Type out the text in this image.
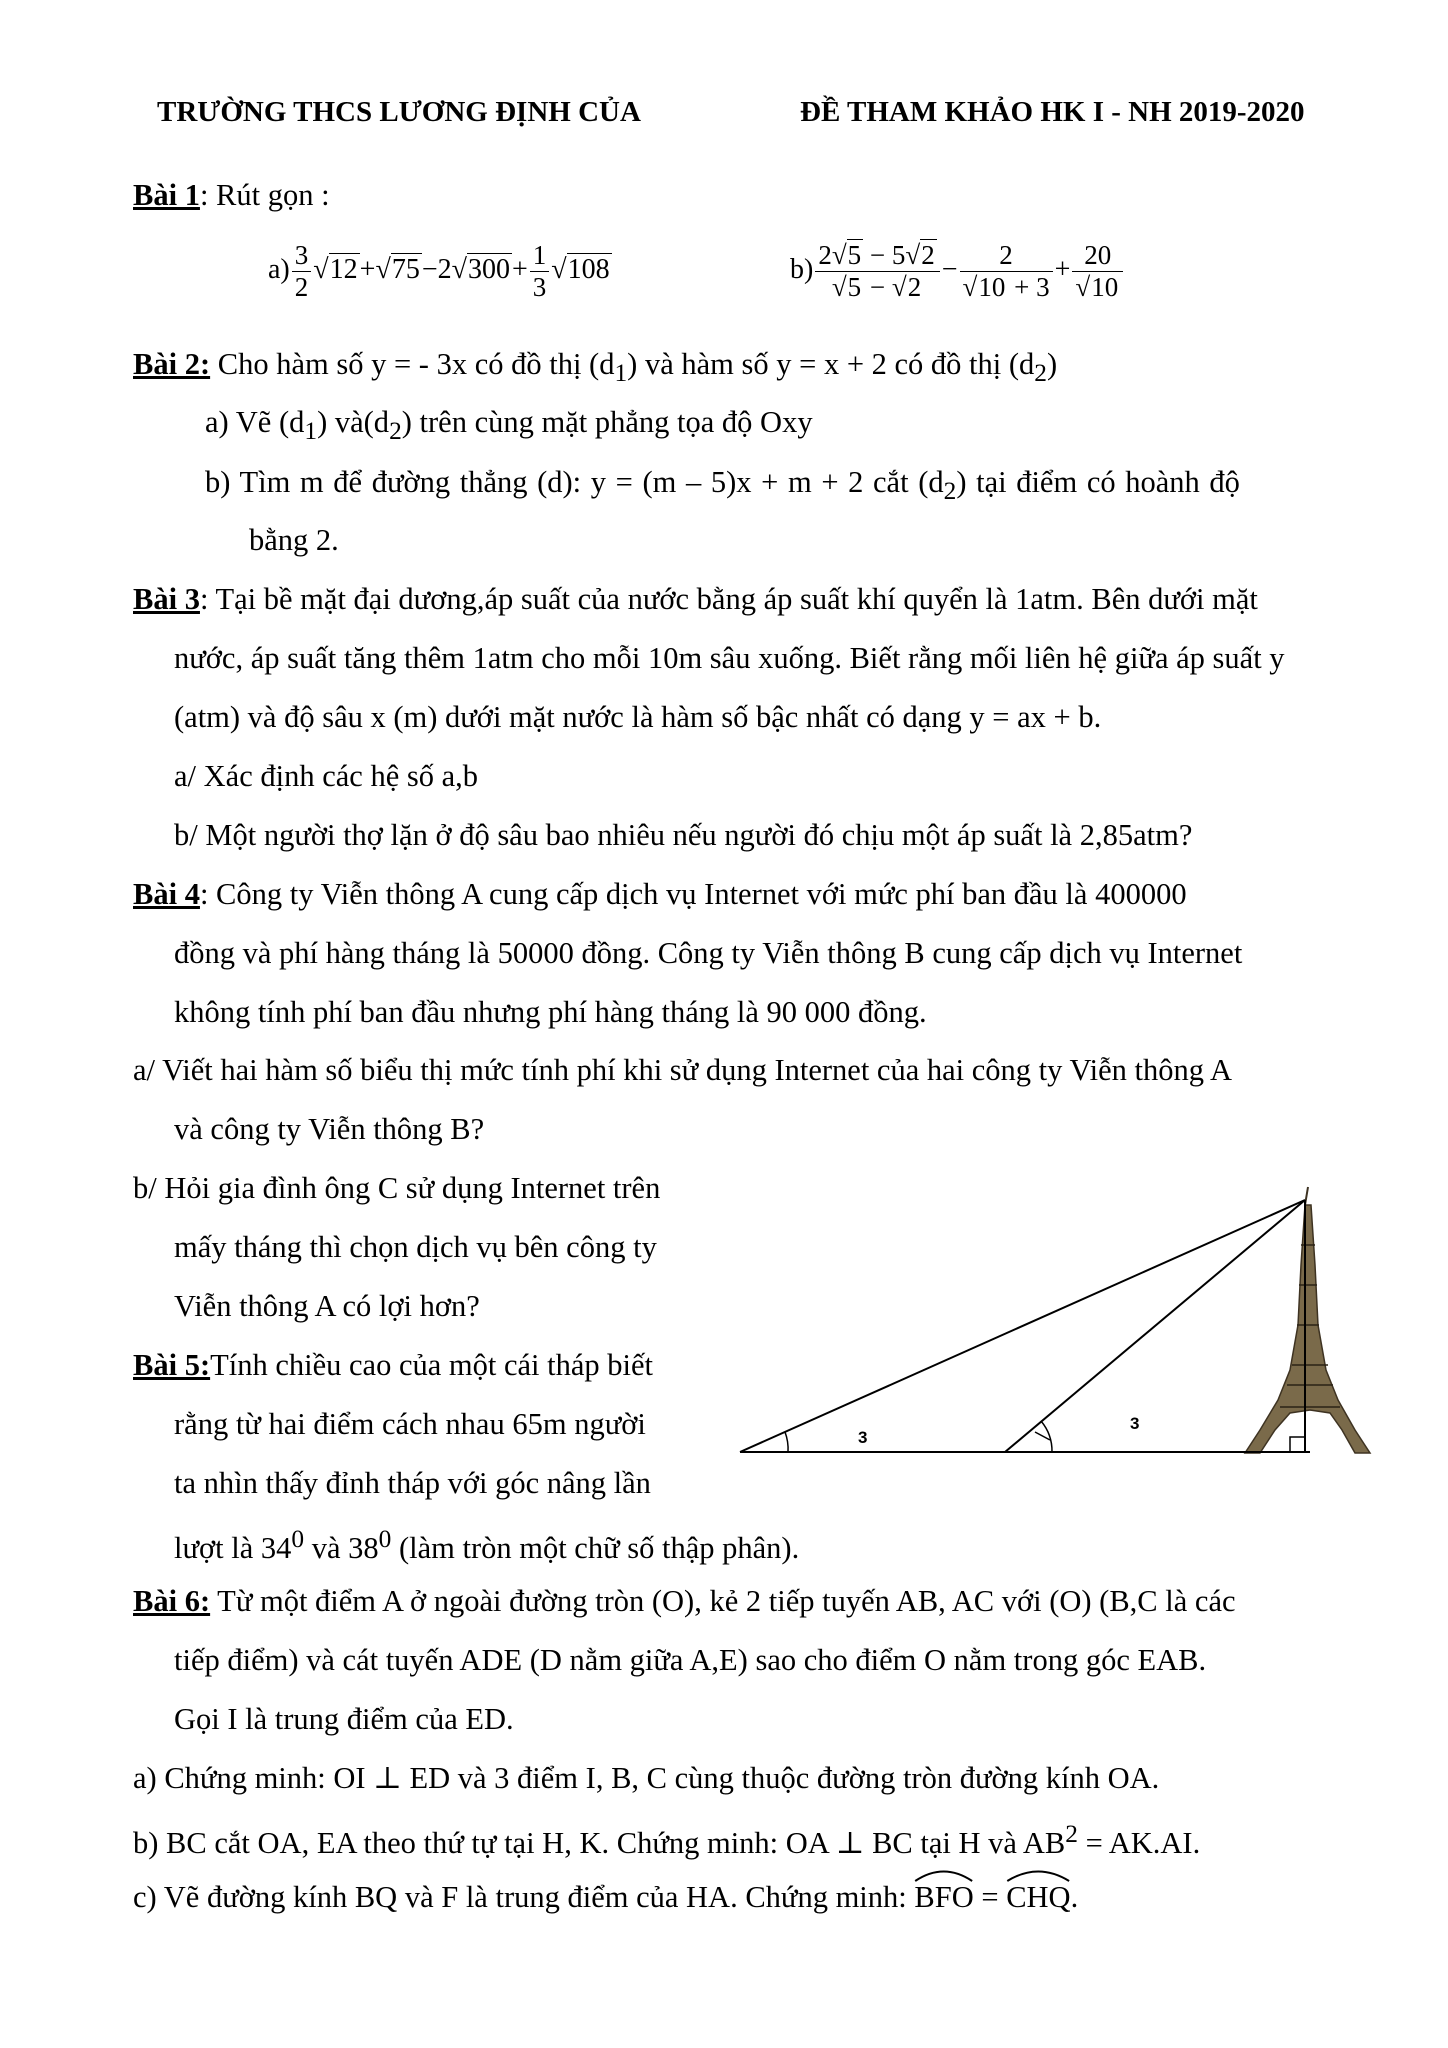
TRƯỜNG THCS LƯƠNG ĐỊNH CỦA	ĐỀ THAM KHẢO HK I - NH 2019-2020
Bài 1: Rút gọn :
$a) \frac{3}{2} √12+√75-2√300+ \frac{1}{3} √108$	$b) \frac{2√5 - 5√2}{√5 - √2} - \frac{2}{√10 + 3} + \frac{20}{√10}$
Bài 2: Cho hàm số y = - 3x có đồ thị $(d_1)$ và hàm số y = x + 2 có đồ thị $(d_2)$
a) Vẽ $(d_1)$ $và(d_2)$ trên cùng mặt phẳng tọa độ Oxy
b) Tìm m để đường thẳng (d): y = (m – 5)x + m + 2 cắt $(d_2)$ tại điểm có hoành độ
bằng 2.
Bài 3: Tại bề mặt đại dương,áp suất của nước bằng áp suất khí quyển là 1atm. Bên dưới mặt
nước, áp suất tăng thêm 1atm cho mỗi 10m sâu xuống. Biết rằng mối liên hệ giữa áp suất y
(atm) và độ sâu x (m) dưới mặt nước là hàm số bậc nhất có dạng y = ax + b.
a/ Xác định các hệ số a,b
b/ Một người thợ lặn ở độ sâu bao nhiêu nếu người đó chịu một áp suất là 2,85atm?
Bài 4: Công ty Viễn thông A cung cấp dịch vụ Internet với mức phí ban đầu là 400000
đồng và phí hàng tháng là 50000 đồng. Công ty Viễn thông B cung cấp dịch vụ Internet
không tính phí ban đầu nhưng phí hàng tháng là 90 000 đồng.
a/ Viết hai hàm số biểu thị mức tính phí khi sử dụng Internet của hai công ty Viễn thông A
và công ty Viễn thông B?
b/ Hỏi gia đình ông C sử dụng Internet trên
mấy tháng thì chọn dịch vụ bên công ty
Viễn thông A có lợi hơn?
Bài 5:Tính chiều cao của một cái tháp biết
rằng từ hai điểm cách nhau 65m người
ta nhìn thấy đỉnh tháp với góc nâng lần
lượt là $34^0$ và $38^0$ (làm tròn một chữ số thập phân).
3
3
Bài 6: Từ một điểm A ở ngoài đường tròn (O), kẻ 2 tiếp tuyến AB, AC với (O) (B,C là các
tiếp điểm) và cát tuyến ADE (D nằm giữa A,E) sao cho điểm O nằm trong góc EAB.
Gọi I là trung điểm của ED.
a) Chứng minh: OI ⊥ ED và 3 điểm I, B, C cùng thuộc đường tròn đường kính OA.
b) BC cắt OA, EA theo thứ tự tại H, K. Chứng minh: OA ⊥ BC tại H và $AB^2 = AK.AI$.
c) Vẽ đường kính BQ và F là trung điểm của HA. Chứng minh:
BFO =
CHQ.
